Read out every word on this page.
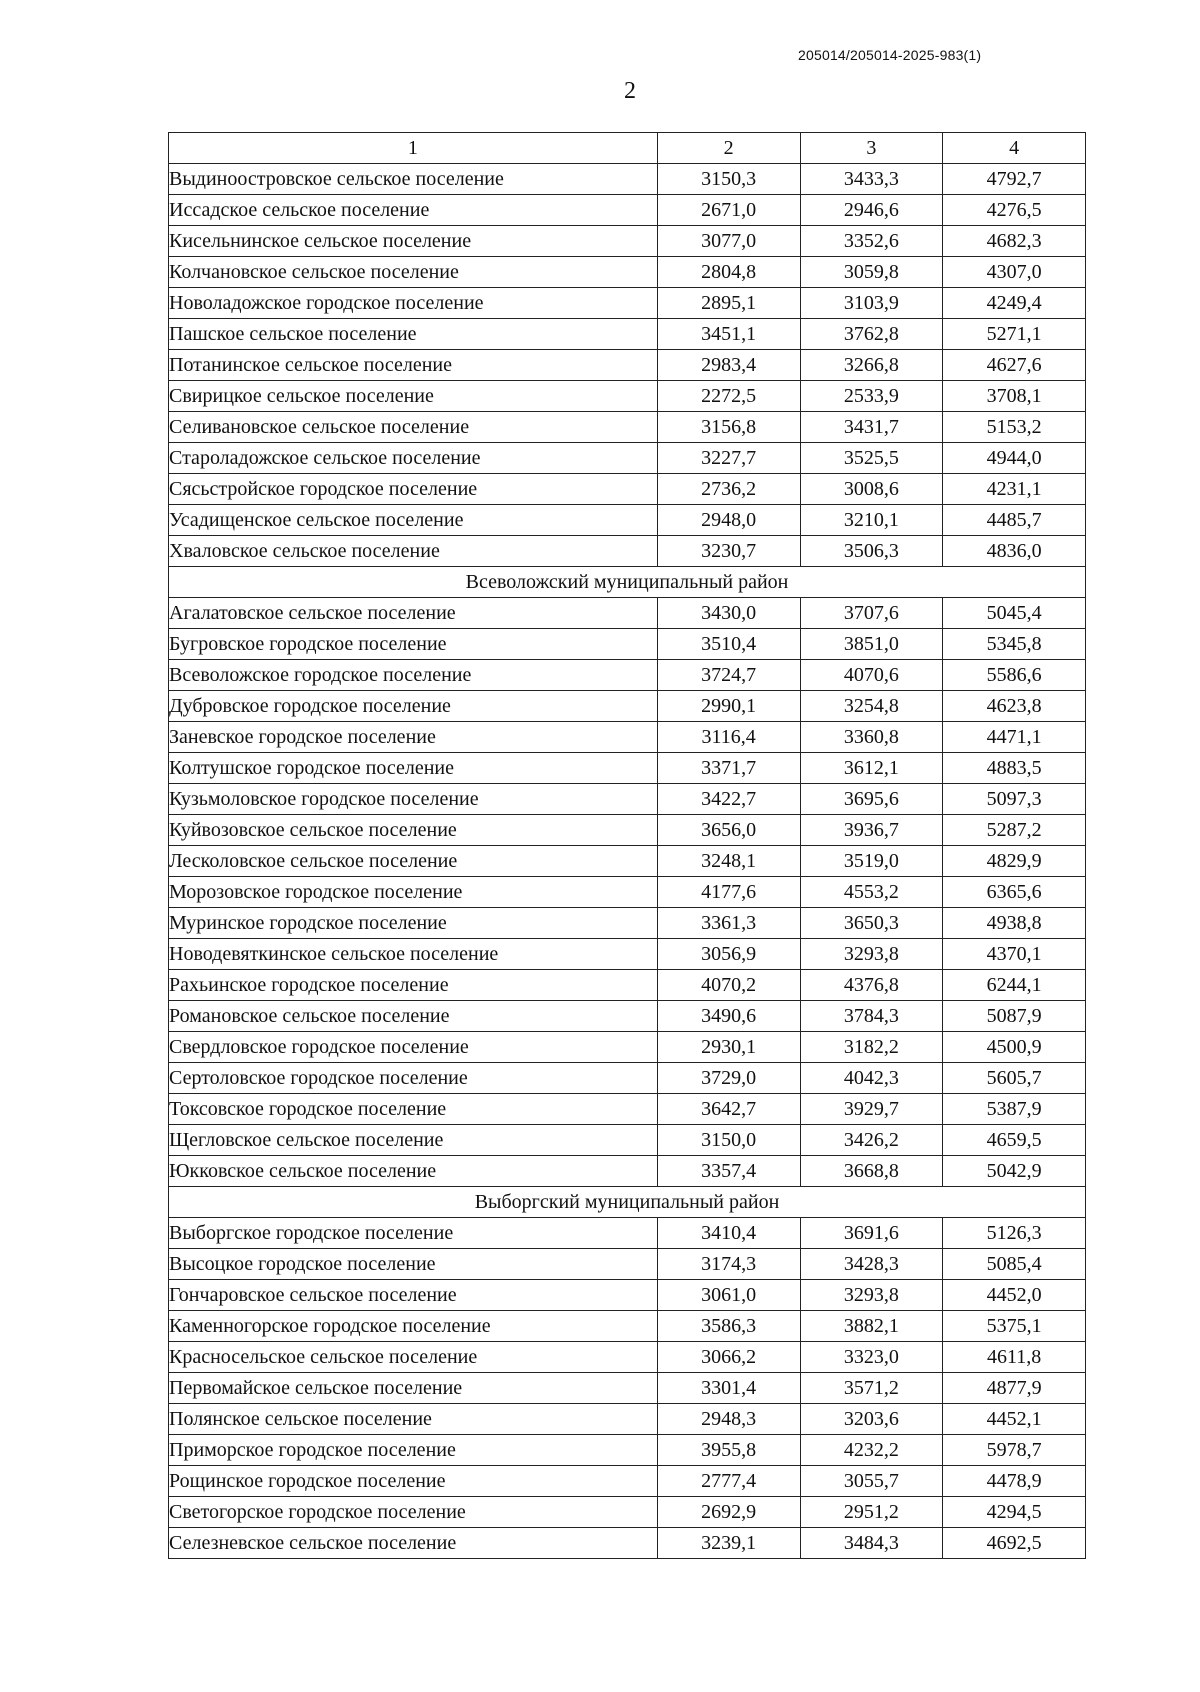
205014/205014-2025-983(1)
2
1	2	3	4
Выдиноостровское сельское поселение	3150,3	3433,3	4792,7
Иссадское сельское поселение	2671,0	2946,6	4276,5
Кисельнинское сельское поселение	3077,0	3352,6	4682,3
Колчановское сельское поселение	2804,8	3059,8	4307,0
Новоладожское городское поселение	2895,1	3103,9	4249,4
Пашское сельское поселение	3451,1	3762,8	5271,1
Потанинское сельское поселение	2983,4	3266,8	4627,6
Свирицкое сельское поселение	2272,5	2533,9	3708,1
Селивановское сельское поселение	3156,8	3431,7	5153,2
Староладожское сельское поселение	3227,7	3525,5	4944,0
Сясьстройское городское поселение	2736,2	3008,6	4231,1
Усадищенское сельское поселение	2948,0	3210,1	4485,7
Хваловское сельское поселение	3230,7	3506,3	4836,0
Всеволожский муниципальный район			
Агалатовское сельское поселение	3430,0	3707,6	5045,4
Бугровское городское поселение	3510,4	3851,0	5345,8
Всеволожское городское поселение	3724,7	4070,6	5586,6
Дубровское городское поселение	2990,1	3254,8	4623,8
Заневское городское поселение	3116,4	3360,8	4471,1
Колтушское городское поселение	3371,7	3612,1	4883,5
Кузьмоловское городское поселение	3422,7	3695,6	5097,3
Куйвозовское сельское поселение	3656,0	3936,7	5287,2
Лесколовское сельское поселение	3248,1	3519,0	4829,9
Морозовское городское поселение	4177,6	4553,2	6365,6
Муринское городское поселение	3361,3	3650,3	4938,8
Новодевяткинское сельское поселение	3056,9	3293,8	4370,1
Рахьинское городское поселение	4070,2	4376,8	6244,1
Романовское сельское поселение	3490,6	3784,3	5087,9
Свердловское городское поселение	2930,1	3182,2	4500,9
Сертоловское городское поселение	3729,0	4042,3	5605,7
Токсовское городское поселение	3642,7	3929,7	5387,9
Щегловское сельское поселение	3150,0	3426,2	4659,5
Юкковское сельское поселение	3357,4	3668,8	5042,9
Выборгский муниципальный район			
Выборгское городское поселение	3410,4	3691,6	5126,3
Высоцкое городское поселение	3174,3	3428,3	5085,4
Гончаровское сельское поселение	3061,0	3293,8	4452,0
Каменногорское городское поселение	3586,3	3882,1	5375,1
Красносельское сельское поселение	3066,2	3323,0	4611,8
Первомайское сельское поселение	3301,4	3571,2	4877,9
Полянское сельское поселение	2948,3	3203,6	4452,1
Приморское городское поселение	3955,8	4232,2	5978,7
Рощинское городское поселение	2777,4	3055,7	4478,9
Светогорское городское поселение	2692,9	2951,2	4294,5
Селезневское сельское поселение	3239,1	3484,3	4692,5
